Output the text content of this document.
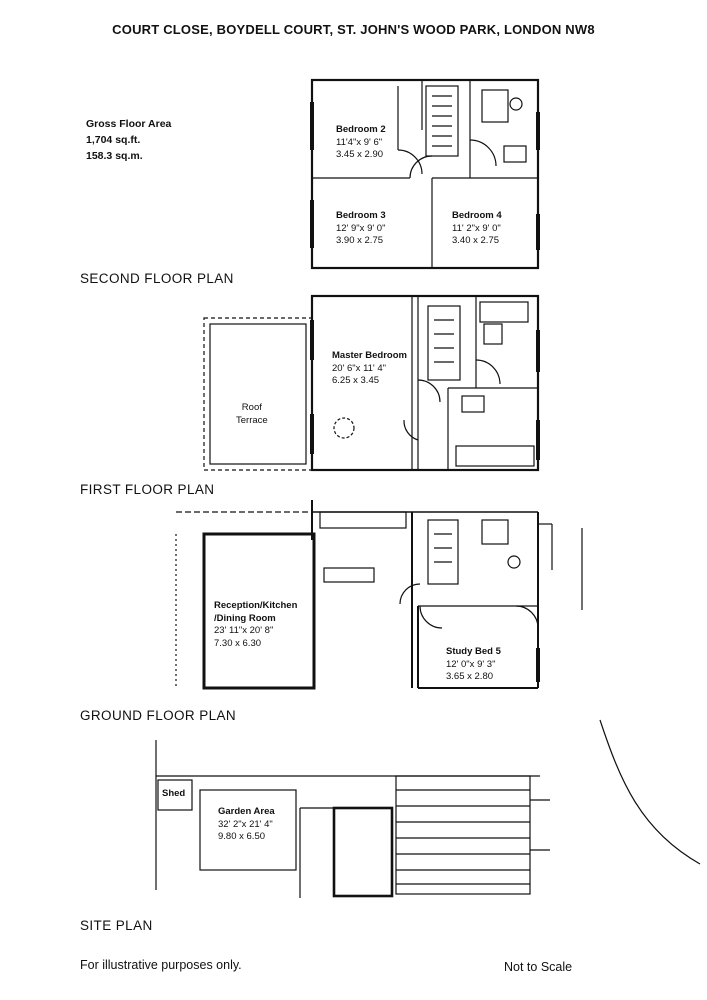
COURT CLOSE, BOYDELL COURT, ST. JOHN'S WOOD PARK, LONDON NW8
Gross Floor Area
1,704 sq.ft.
158.3 sq.m.
Bedroom 2
11'4"x 9' 6"
3.45 x 2.90
Bedroom 3
12' 9"x 9' 0"
3.90 x 2.75
Bedroom 4
11' 2"x 9' 0"
3.40 x 2.75
SECOND FLOOR PLAN
Master Bedroom
20' 6"x 11' 4"
6.25 x 3.45
Roof
Terrace
FIRST FLOOR PLAN
Reception/Kitchen
/Dining Room
23' 11"x 20' 8"
7.30 x 6.30
Study Bed 5
12' 0"x 9' 3"
3.65 x 2.80
GROUND FLOOR PLAN
Shed
Garden Area
32' 2"x 21' 4"
9.80 x 6.50
SITE PLAN
For illustrative purposes only.	Not to Scale
